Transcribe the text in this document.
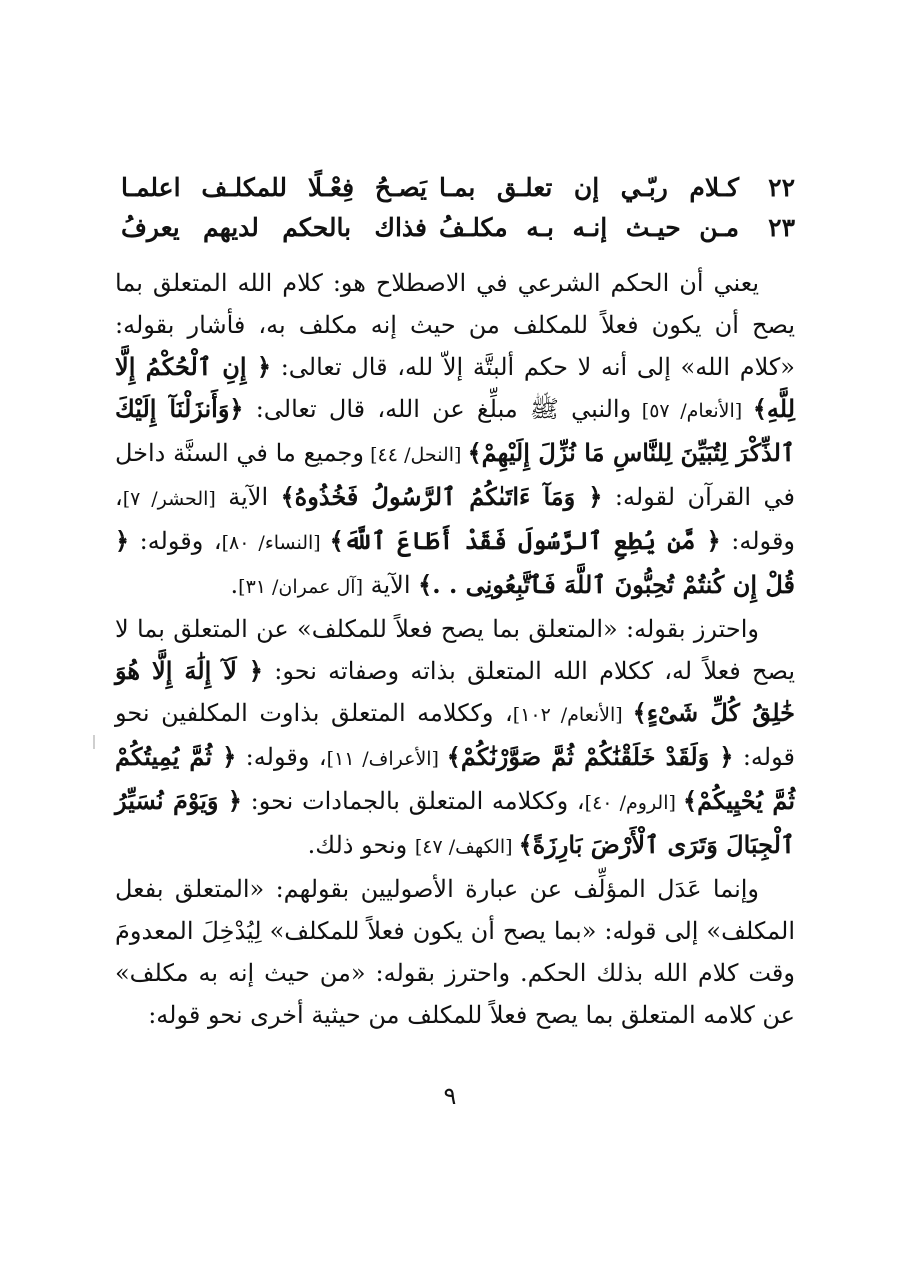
٢٢
كـلام ربّـي إن تعلـق بمـا
يَصـحُ فِعْـلًا للمكلـف اعلمـا
٢٣
مـن حيـث إنـه بـه مكلـفُ
فذاك بالحكم لديهم يعرفُ

يعني أن الحكم الشرعي في الاصطلاح هو: كلام الله المتعلق بما يصح أن يكون فعلاً للمكلف من حيث إنه مكلف به، فأشار بقوله: «كلام الله» إلى أنه لا حكم ألبتَّة إلاّ لله، قال تعالى: ﴿ إِنِ ٱلْحُكْمُ إِلَّا لِلَّهِ﴾ [الأنعام/ ٥٧] والنبي ﷺ مبلِّغ عن الله، قال تعالى: ﴿وَأَنزَلْنَآ إِلَيْكَ ٱلذِّكْرَ لِتُبَيِّنَ لِلنَّاسِ مَا نُزِّلَ إِلَيْهِمْ﴾ [النحل/ ٤٤] وجميع ما في السنَّة داخل في القرآن لقوله: ﴿ وَمَآ ءَاتَىٰكُمُ ٱلرَّسُولُ فَخُذُوهُ﴾ الآية [الحشر/ ٧]، وقوله: ﴿ مَّن يُطِعِ ٱلرَّسُولَ فَقَدْ أَطَاعَ ٱللَّهَ﴾ [النساء/ ٨٠]، وقوله: ﴿ قُلْ إِن كُنتُمْ تُحِبُّونَ ٱللَّهَ فَٱتَّبِعُونِى . .﴾ الآية [آل عمران/ ٣١].

واحترز بقوله: «المتعلق بما يصح فعلاً للمكلف» عن المتعلق بما لا يصح فعلاً له، ككلام الله المتعلق بذاته وصفاته نحو: ﴿ لَآ إِلَٰهَ إِلَّا هُوَ خَٰلِقُ كُلِّ شَىْءٍ﴾ [الأنعام/ ١٠٢]، وككلامه المتعلق بذاوت المكلفين نحو قوله: ﴿ وَلَقَدْ خَلَقْنَٰكُمْ ثُمَّ صَوَّرْنَٰكُمْ﴾ [الأعراف/ ١١]، وقوله: ﴿ ثُمَّ يُمِيتُكُمْ ثُمَّ يُحْيِيكُمْ﴾ [الروم/ ٤٠]، وككلامه المتعلق بالجمادات نحو: ﴿ وَيَوْمَ نُسَيِّرُ ٱلْجِبَالَ وَتَرَى ٱلْأَرْضَ بَارِزَةً﴾ [الكهف/ ٤٧] ونحو ذلك.

وإنما عَدَل المؤلِّف عن عبارة الأصوليين بقولهم: «المتعلق بفعل المكلف» إلى قوله: «بما يصح أن يكون فعلاً للمكلف» لِيُدْخِلَ المعدومَ وقت كلام الله بذلك الحكم. واحترز بقوله: «من حيث إنه به مكلف» عن كلامه المتعلق بما يصح فعلاً للمكلف من حيثية أخرى نحو قوله:

٩
